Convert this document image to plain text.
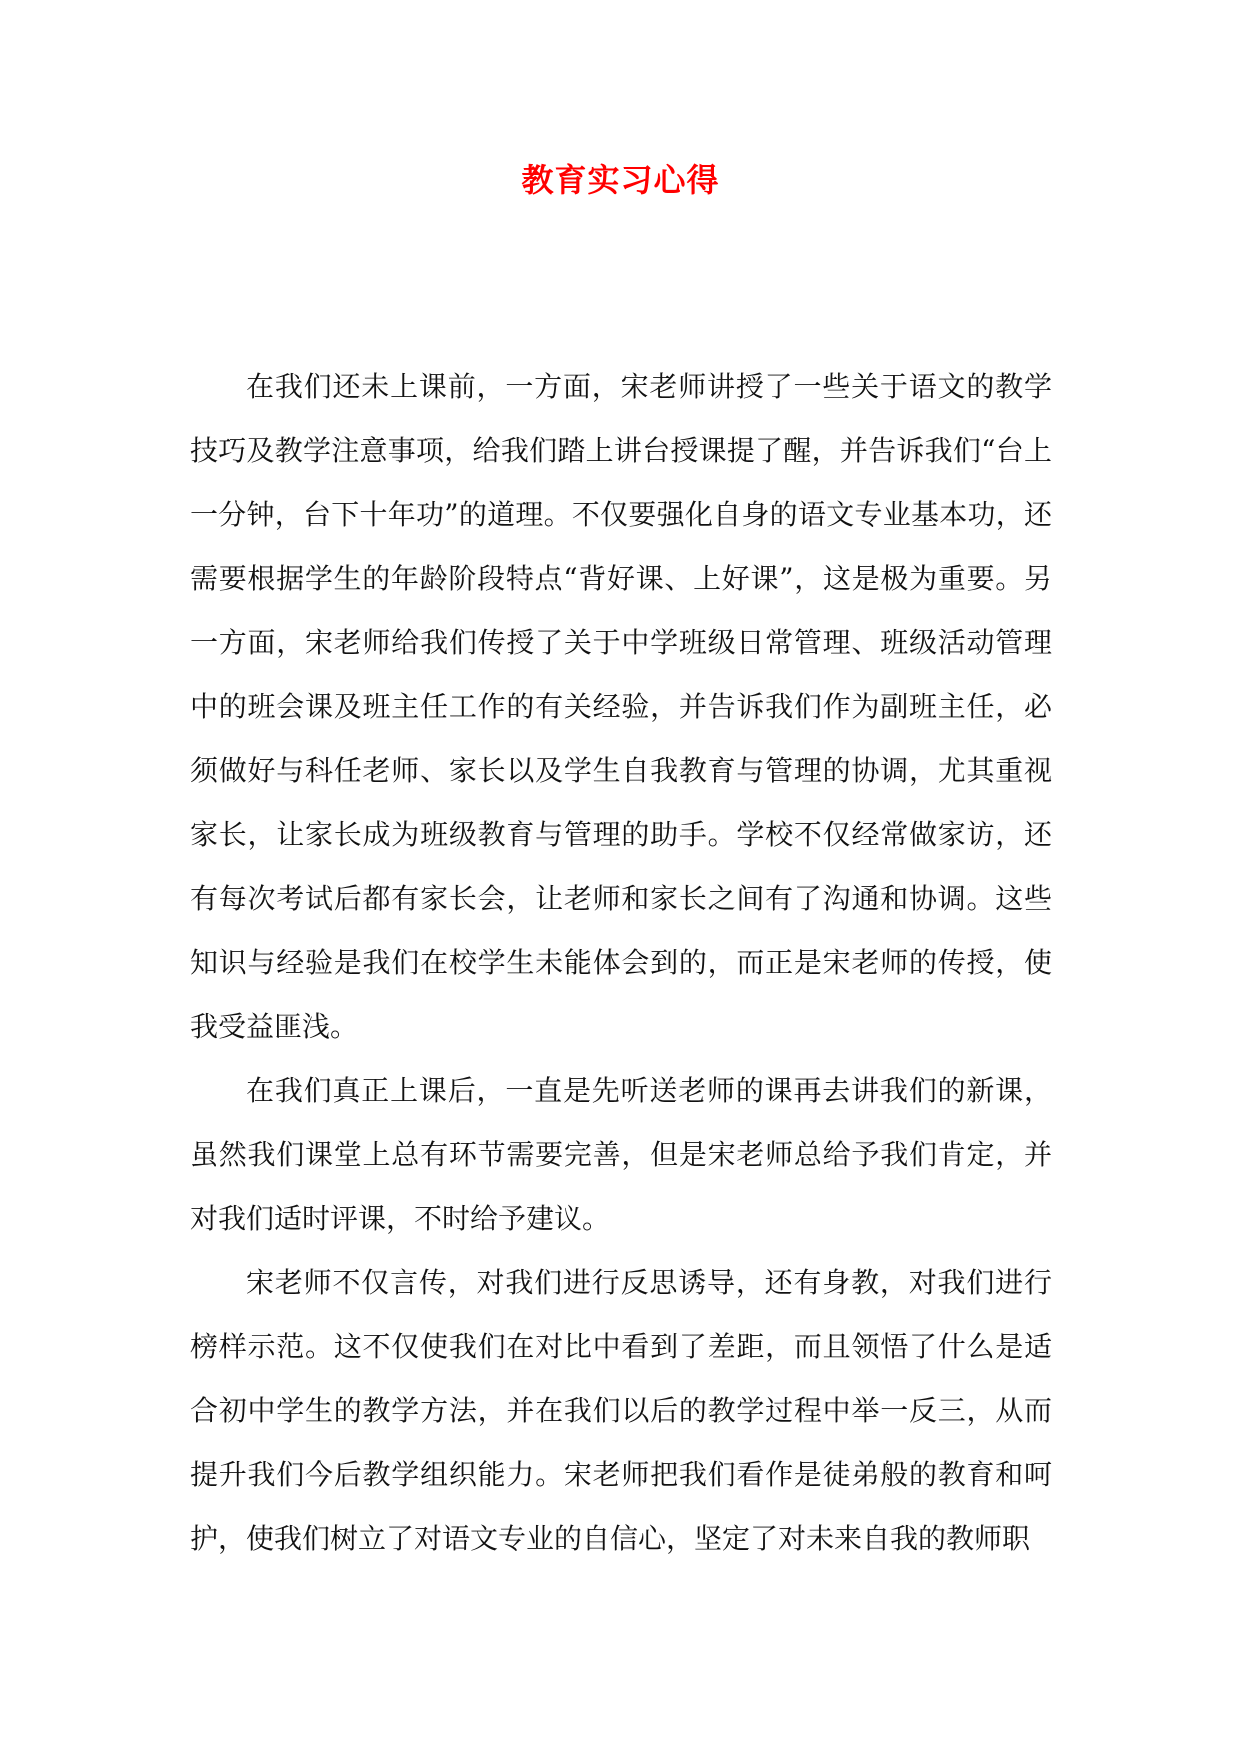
教育实习心得

在我们还未上课前，一方面，宋老师讲授了一些关于语文的教学技巧及教学注意事项，给我们踏上讲台授课提了醒，并告诉我们“台上一分钟，台下十年功”的道理。不仅要强化自身的语文专业基本功，还需要根据学生的年龄阶段特点“背好课、上好课”，这是极为重要。另一方面，宋老师给我们传授了关于中学班级日常管理、班级活动管理中的班会课及班主任工作的有关经验，并告诉我们作为副班主任，必须做好与科任老师、家长以及学生自我教育与管理的协调，尤其重视家长，让家长成为班级教育与管理的助手。学校不仅经常做家访，还有每次考试后都有家长会，让老师和家长之间有了沟通和协调。这些知识与经验是我们在校学生未能体会到的，而正是宋老师的传授，使我受益匪浅。

在我们真正上课后，一直是先听送老师的课再去讲我们的新课，虽然我们课堂上总有环节需要完善，但是宋老师总给予我们肯定，并对我们适时评课，不时给予建议。

宋老师不仅言传，对我们进行反思诱导，还有身教，对我们进行榜样示范。这不仅使我们在对比中看到了差距，而且领悟了什么是适合初中学生的教学方法，并在我们以后的教学过程中举一反三，从而提升我们今后教学组织能力。宋老师把我们看作是徒弟般的教育和呵护，使我们树立了对语文专业的自信心，坚定了对未来自我的教师职
